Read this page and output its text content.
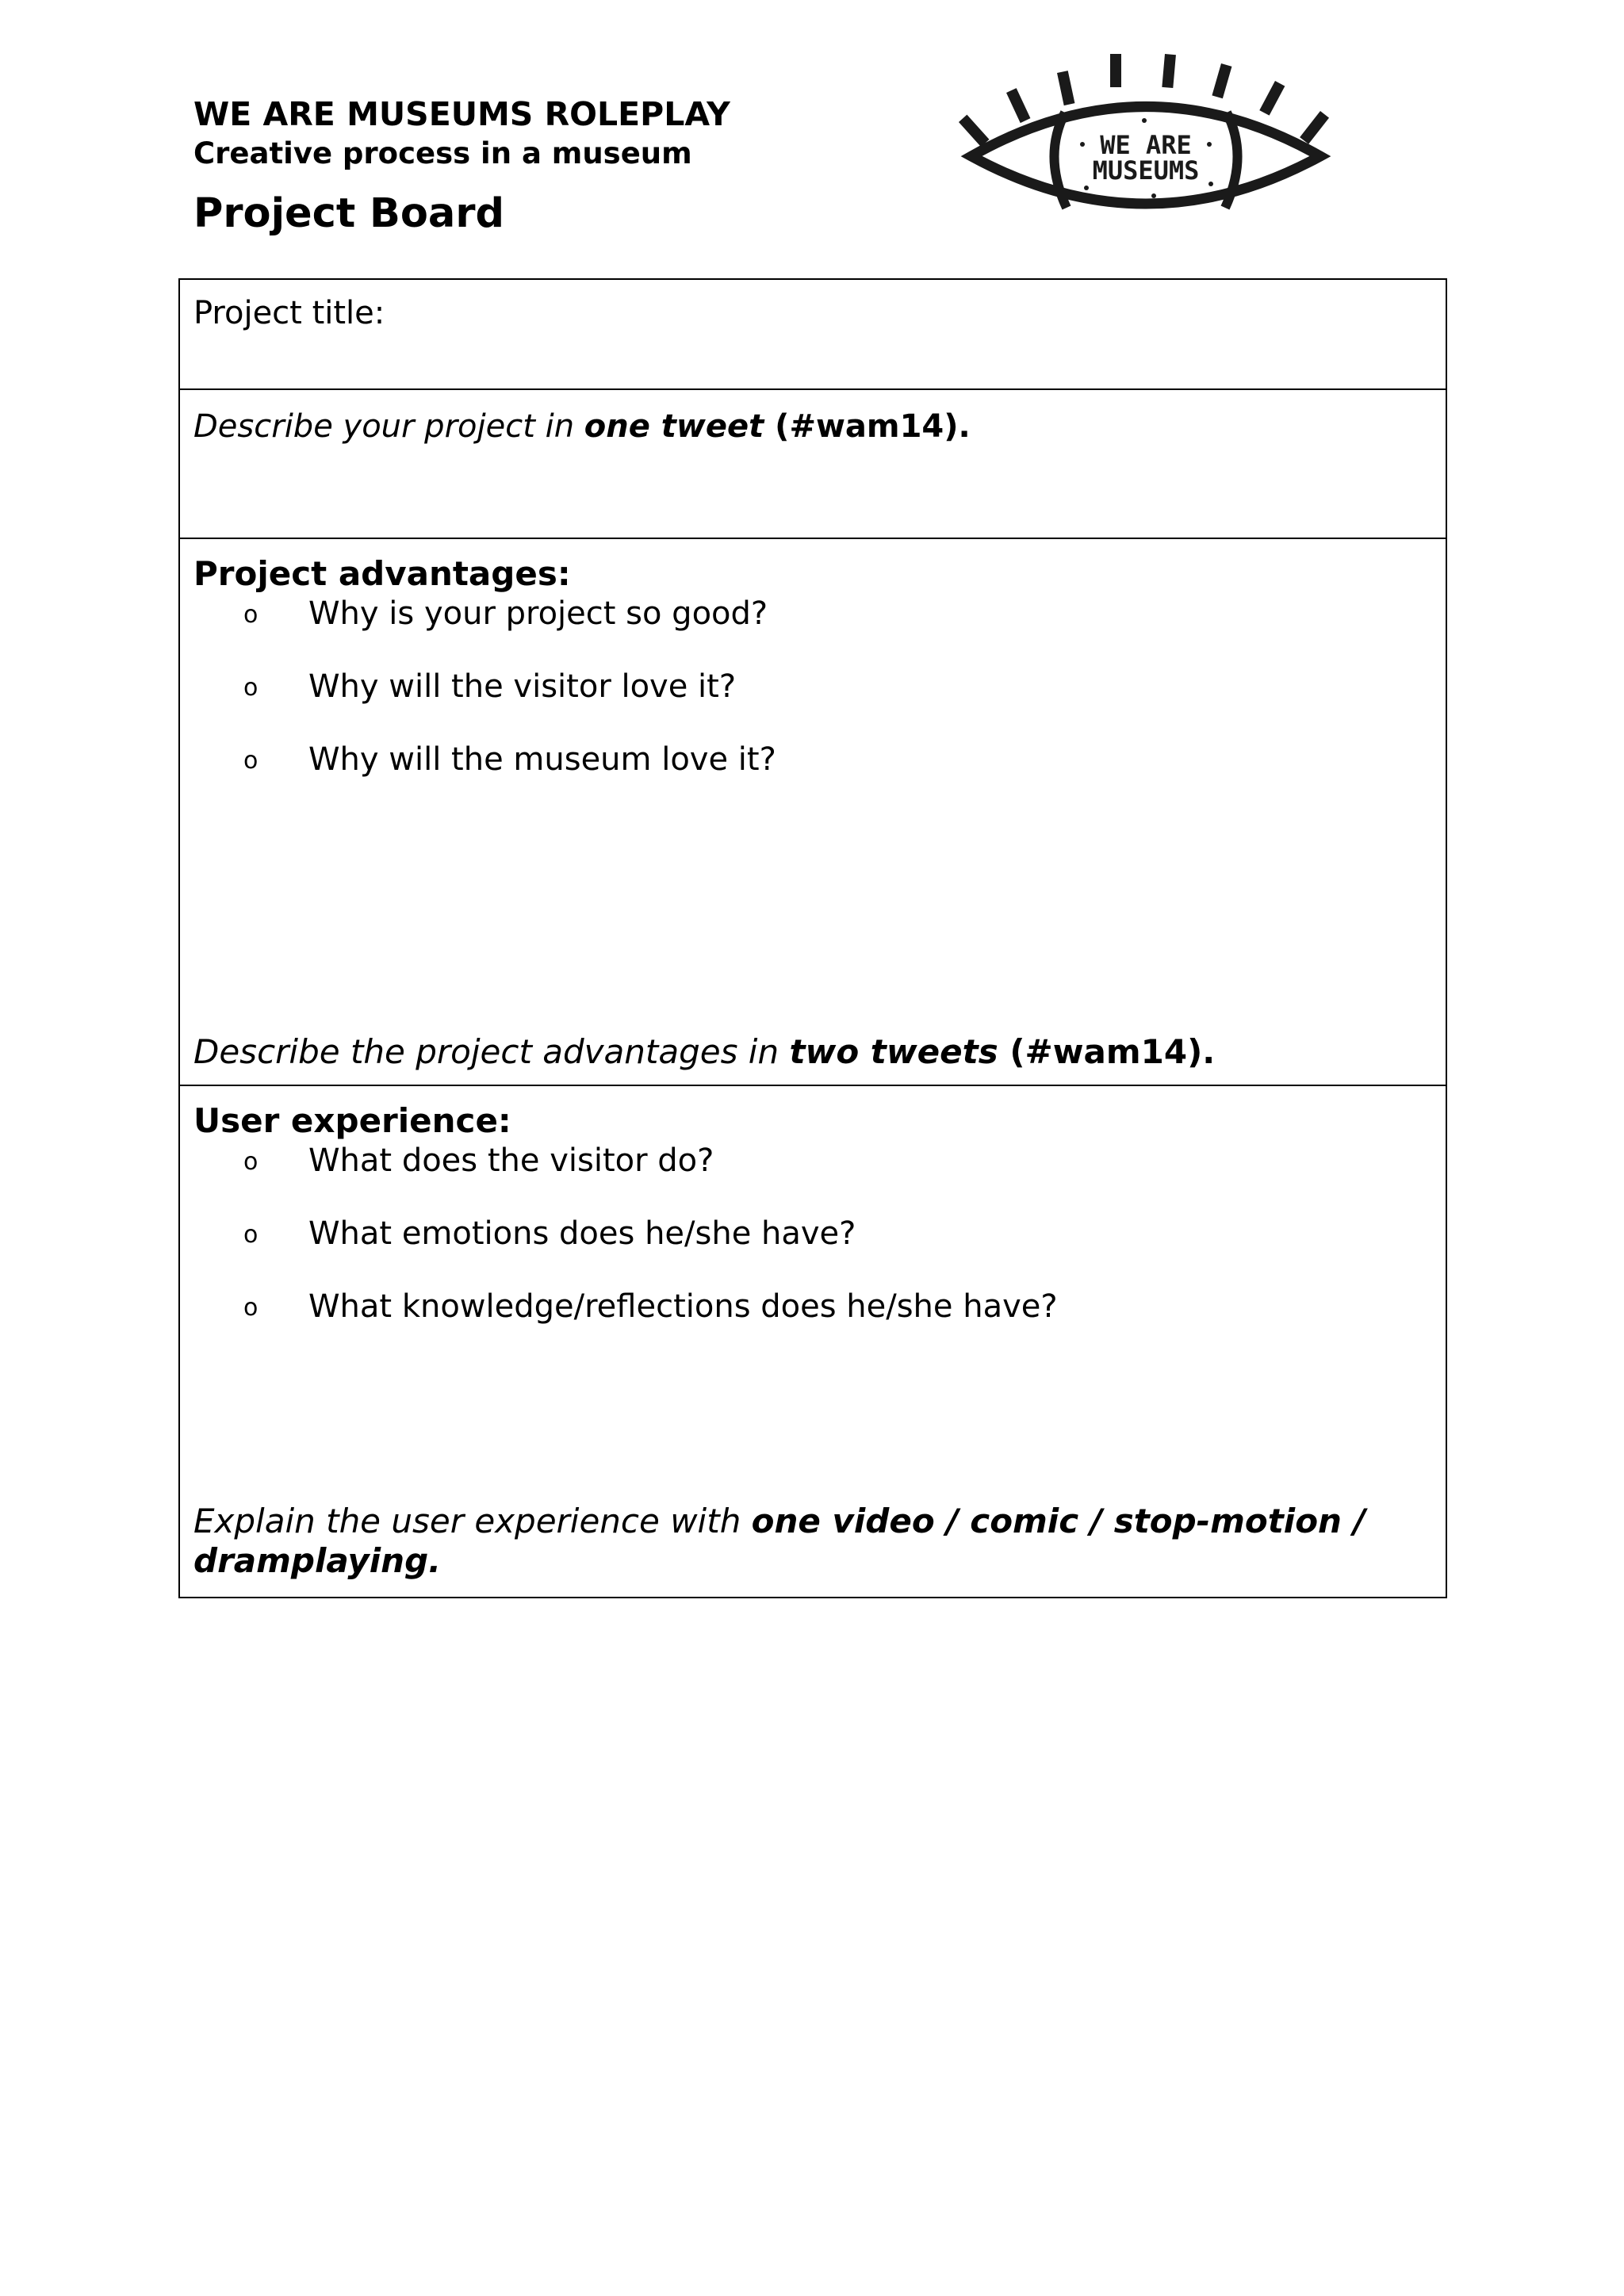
WE ARE MUSEUMS ROLEPLAY
Creative process in a museum
Project Board
WE ARE
MUSEUMS
Project title:
Describe your project in one tweet (#wam14).
Project advantages:
o Why is your project so good?
o Why will the visitor love it?
o Why will the museum love it?
Describe the project advantages in two tweets (#wam14).
User experience:
o What does the visitor do?
o What emotions does he/she have?
o What knowledge/reflections does he/she have?
Explain the user experience with one video / comic / stop-motion /
dramplaying.
